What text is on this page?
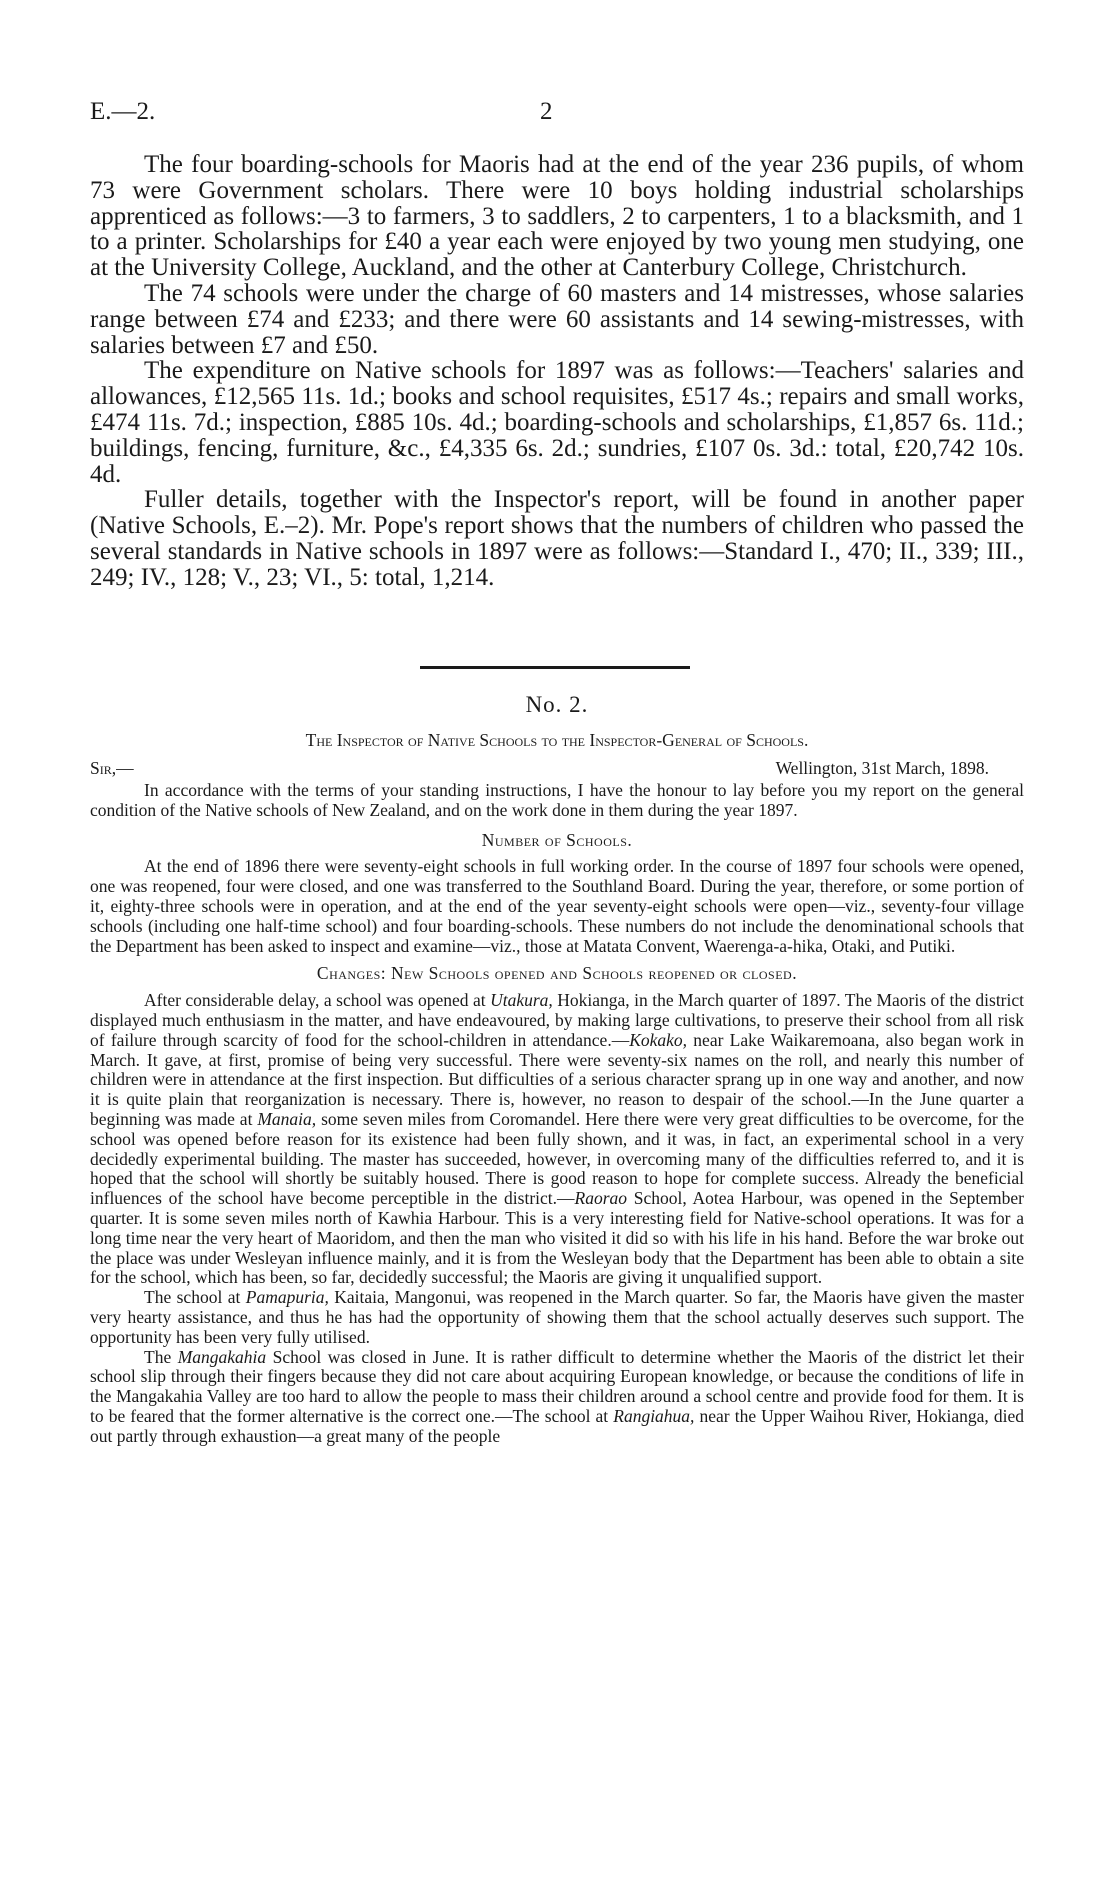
E.—2.	2

The four boarding-schools for Maoris had at the end of the year 236 pupils, of whom 73 were Government scholars. There were 10 boys holding industrial scholarships apprenticed as follows:—3 to farmers, 3 to saddlers, 2 to carpenters, 1 to a blacksmith, and 1 to a printer. Scholarships for £40 a year each were enjoyed by two young men studying, one at the University College, Auckland, and the other at Canterbury College, Christchurch.

The 74 schools were under the charge of 60 masters and 14 mistresses, whose salaries range between £74 and £233; and there were 60 assistants and 14 sewing-mistresses, with salaries between £7 and £50.

The expenditure on Native schools for 1897 was as follows:—Teachers' salaries and allowances, £12,565 11s. 1d.; books and school requisites, £517 4s.; repairs and small works, £474 11s. 7d.; inspection, £885 10s. 4d.; boarding-schools and scholarships, £1,857 6s. 11d.; buildings, fencing, furniture, &c., £4,335 6s. 2d.; sundries, £107 0s. 3d.: total, £20,742 10s. 4d.

Fuller details, together with the Inspector's report, will be found in another paper (Native Schools, E.–2). Mr. Pope's report shows that the numbers of children who passed the several standards in Native schools in 1897 were as follows:—Standard I., 470; II., 339; III., 249; IV., 128; V., 23; VI., 5: total, 1,214.

No. 2.
The Inspector of Native Schools to the Inspector-General of Schools.
Sir,—	Wellington, 31st March, 1898.

In accordance with the terms of your standing instructions, I have the honour to lay before you my report on the general condition of the Native schools of New Zealand, and on the work done in them during the year 1897.

Number of Schools.

At the end of 1896 there were seventy-eight schools in full working order. In the course of 1897 four schools were opened, one was reopened, four were closed, and one was transferred to the Southland Board. During the year, therefore, or some portion of it, eighty-three schools were in operation, and at the end of the year seventy-eight schools were open—viz., seventy-four village schools (including one half-time school) and four boarding-schools. These numbers do not include the denominational schools that the Department has been asked to inspect and examine—viz., those at Matata Convent, Waerenga-a-hika, Otaki, and Putiki.

Changes: New Schools opened and Schools reopened or closed.

After considerable delay, a school was opened at Utakura, Hokianga, in the March quarter of 1897. The Maoris of the district displayed much enthusiasm in the matter, and have endeavoured, by making large cultivations, to preserve their school from all risk of failure through scarcity of food for the school-children in attendance.—Kokako, near Lake Waikaremoana, also began work in March. It gave, at first, promise of being very successful. There were seventy-six names on the roll, and nearly this number of children were in attendance at the first inspection. But difficulties of a serious character sprang up in one way and another, and now it is quite plain that reorganization is necessary. There is, however, no reason to despair of the school.—In the June quarter a beginning was made at Manaia, some seven miles from Coromandel. Here there were very great difficulties to be overcome, for the school was opened before reason for its existence had been fully shown, and it was, in fact, an experimental school in a very decidedly experimental building. The master has succeeded, however, in overcoming many of the difficulties referred to, and it is hoped that the school will shortly be suitably housed. There is good reason to hope for complete success. Already the beneficial influences of the school have become perceptible in the district.—Raorao School, Aotea Harbour, was opened in the September quarter. It is some seven miles north of Kawhia Harbour. This is a very interesting field for Native-school operations. It was for a long time near the very heart of Maoridom, and then the man who visited it did so with his life in his hand. Before the war broke out the place was under Wesleyan influence mainly, and it is from the Wesleyan body that the Department has been able to obtain a site for the school, which has been, so far, decidedly successful; the Maoris are giving it unqualified support.

The school at Pamapuria, Kaitaia, Mangonui, was reopened in the March quarter. So far, the Maoris have given the master very hearty assistance, and thus he has had the opportunity of showing them that the school actually deserves such support. The opportunity has been very fully utilised.

The Mangakahia School was closed in June. It is rather difficult to determine whether the Maoris of the district let their school slip through their fingers because they did not care about acquiring European knowledge, or because the conditions of life in the Mangakahia Valley are too hard to allow the people to mass their children around a school centre and provide food for them. It is to be feared that the former alternative is the correct one.—The school at Rangiahua, near the Upper Waihou River, Hokianga, died out partly through exhaustion—a great many of the people
